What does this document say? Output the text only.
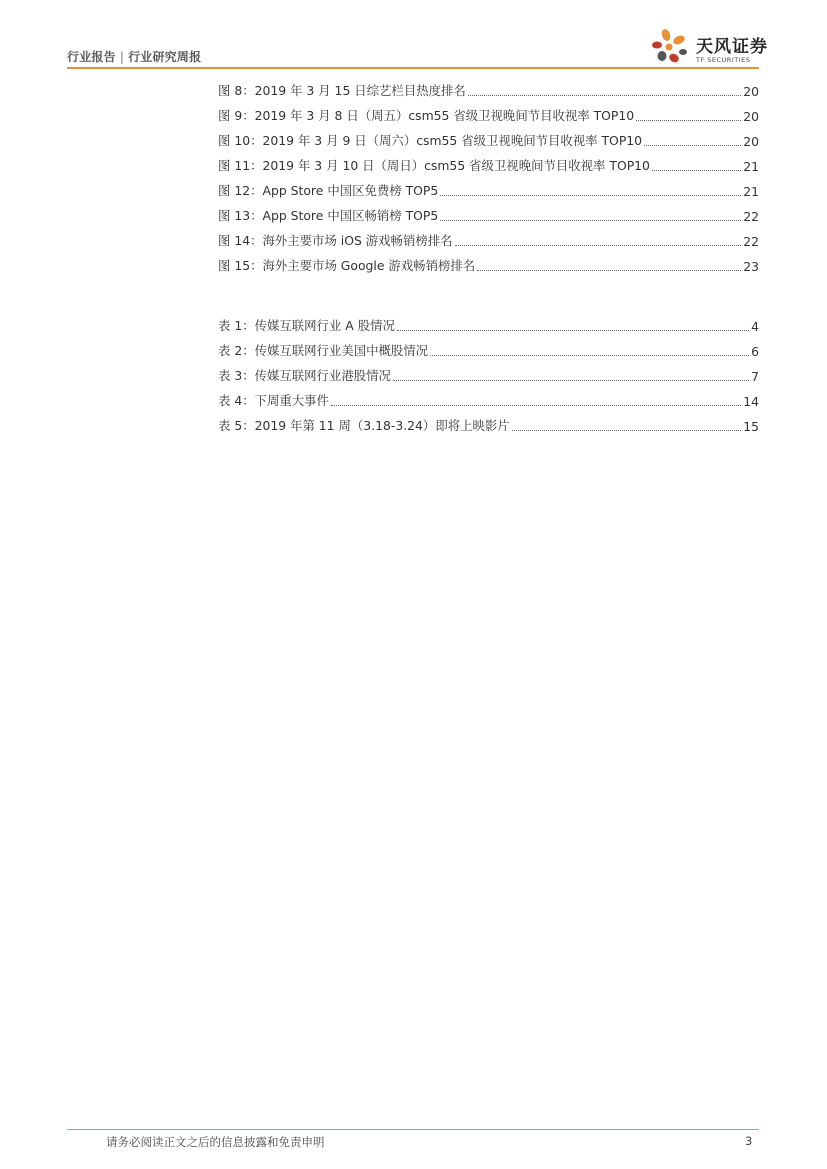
行业报告 | 行业研究周报	天风证券
TF SECURITIES
图 8：2019 年 3 月 15 日综艺栏目热度排名	20
图 9：2019 年 3 月 8 日（周五）csm55 省级卫视晚间节目收视率 TOP10	20
图 10：2019 年 3 月 9 日（周六）csm55 省级卫视晚间节目收视率 TOP10	20
图 11：2019 年 3 月 10 日（周日）csm55 省级卫视晚间节目收视率 TOP10	21
图 12：App Store 中国区免费榜 TOP5	21
图 13：App Store 中国区畅销榜 TOP5	22
图 14：海外主要市场 iOS 游戏畅销榜排名	22
图 15：海外主要市场 Google 游戏畅销榜排名	23
表 1：传媒互联网行业 A 股情况	4
表 2：传媒互联网行业美国中概股情况	6
表 3：传媒互联网行业港股情况	7
表 4：下周重大事件	14
表 5：2019 年第 11 周（3.18-3.24）即将上映影片	15
请务必阅读正文之后的信息披露和免责申明	3
